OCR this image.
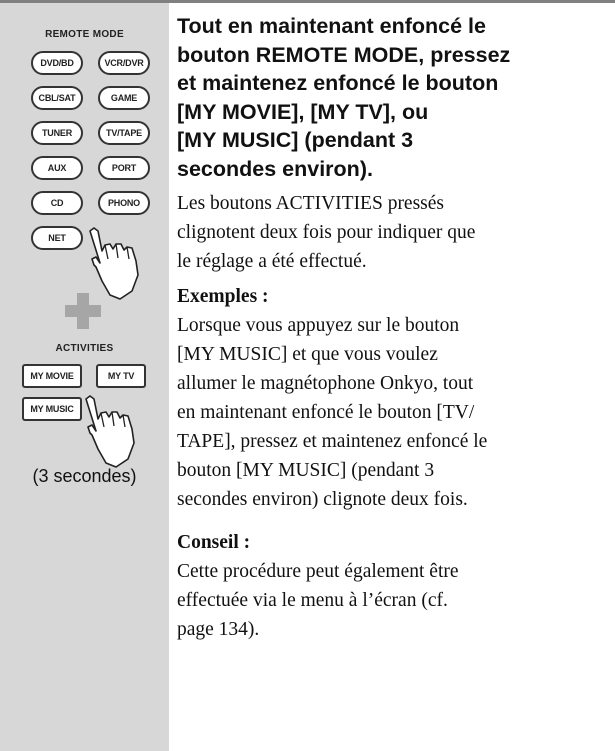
REMOTE MODE
DVD/BD	VCR/DVR
CBL/SAT	GAME
TUNER	TV/TAPE
AUX	PORT
CD	PHONO
NET
ACTIVITIES
MY MOVIE	MY TV
MY MUSIC
(3 secondes)

Tout en maintenant enfoncé le
bouton REMOTE MODE, pressez
et maintenez enfoncé le bouton
[MY MOVIE], [MY TV], ou
[MY MUSIC] (pendant 3
secondes environ).

Les boutons ACTIVITIES pressés
clignotent deux fois pour indiquer que
le réglage a été effectué.

Exemples :

Lorsque vous appuyez sur le bouton
[MY MUSIC] et que vous voulez
allumer le magnétophone Onkyo, tout
en maintenant enfoncé le bouton [TV/
TAPE], pressez et maintenez enfoncé le
bouton [MY MUSIC] (pendant 3
secondes environ) clignote deux fois.

Conseil :

Cette procédure peut également être
effectuée via le menu à l’écran (cf.
page 134).
